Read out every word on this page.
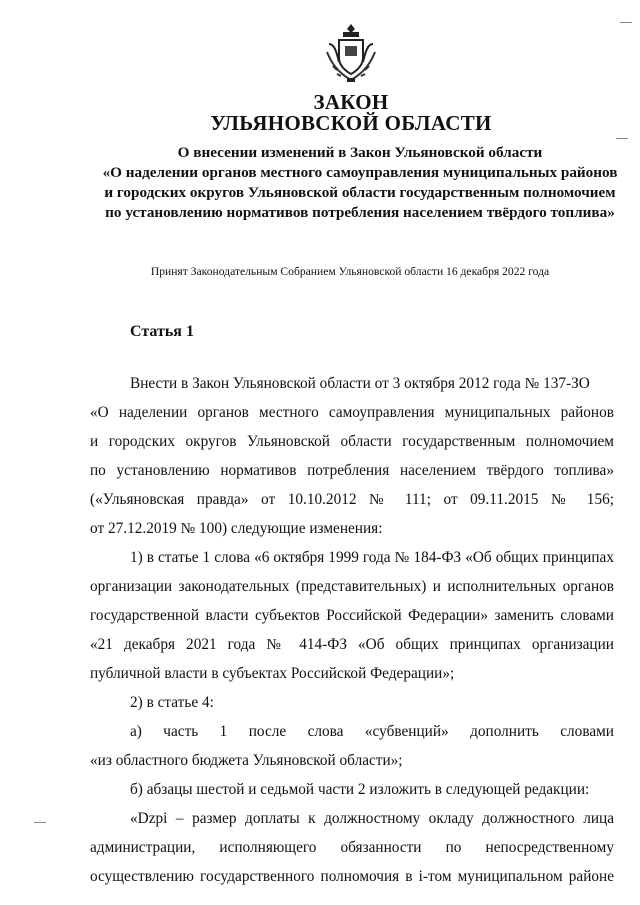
ЗАКОН
УЛЬЯНОВСКОЙ ОБЛАСТИ
О внесении изменений в Закон Ульяновской области
«О наделении органов местного самоуправления муниципальных районов
и городских округов Ульяновской области государственным полномочием
по установлению нормативов потребления населением твёрдого топлива»
Принят Законодательным Собранием Ульяновской области 16 декабря 2022 года
Статья 1
Внести в Закон Ульяновской области от 3 октября 2012 года № 137-ЗО
«О наделении органов местного самоуправления муниципальных районов
и городских округов Ульяновской области государственным полномочием
по установлению нормативов потребления населением твёрдого топлива»
(«Ульяновская правда» от 10.10.2012 № 111; от 09.11.2015 № 156;
от 27.12.2019 № 100) следующие изменения:
1) в статье 1 слова «6 октября 1999 года № 184-ФЗ «Об общих принципах
организации законодательных (представительных) и исполнительных органов
государственной власти субъектов Российской Федерации» заменить словами
«21 декабря 2021 года № 414-ФЗ «Об общих принципах организации
публичной власти в субъектах Российской Федерации»;
2) в статье 4:
а) часть 1 после слова «субвенций» дополнить словами
«из областного бюджета Ульяновской области»;
б) абзацы шестой и седьмой части 2 изложить в следующей редакции:
«Dzpi – размер доплаты к должностному окладу должностного лица
администрации, исполняющего обязанности по непосредственному
осуществлению государственного полномочия в i-том муниципальном районе
